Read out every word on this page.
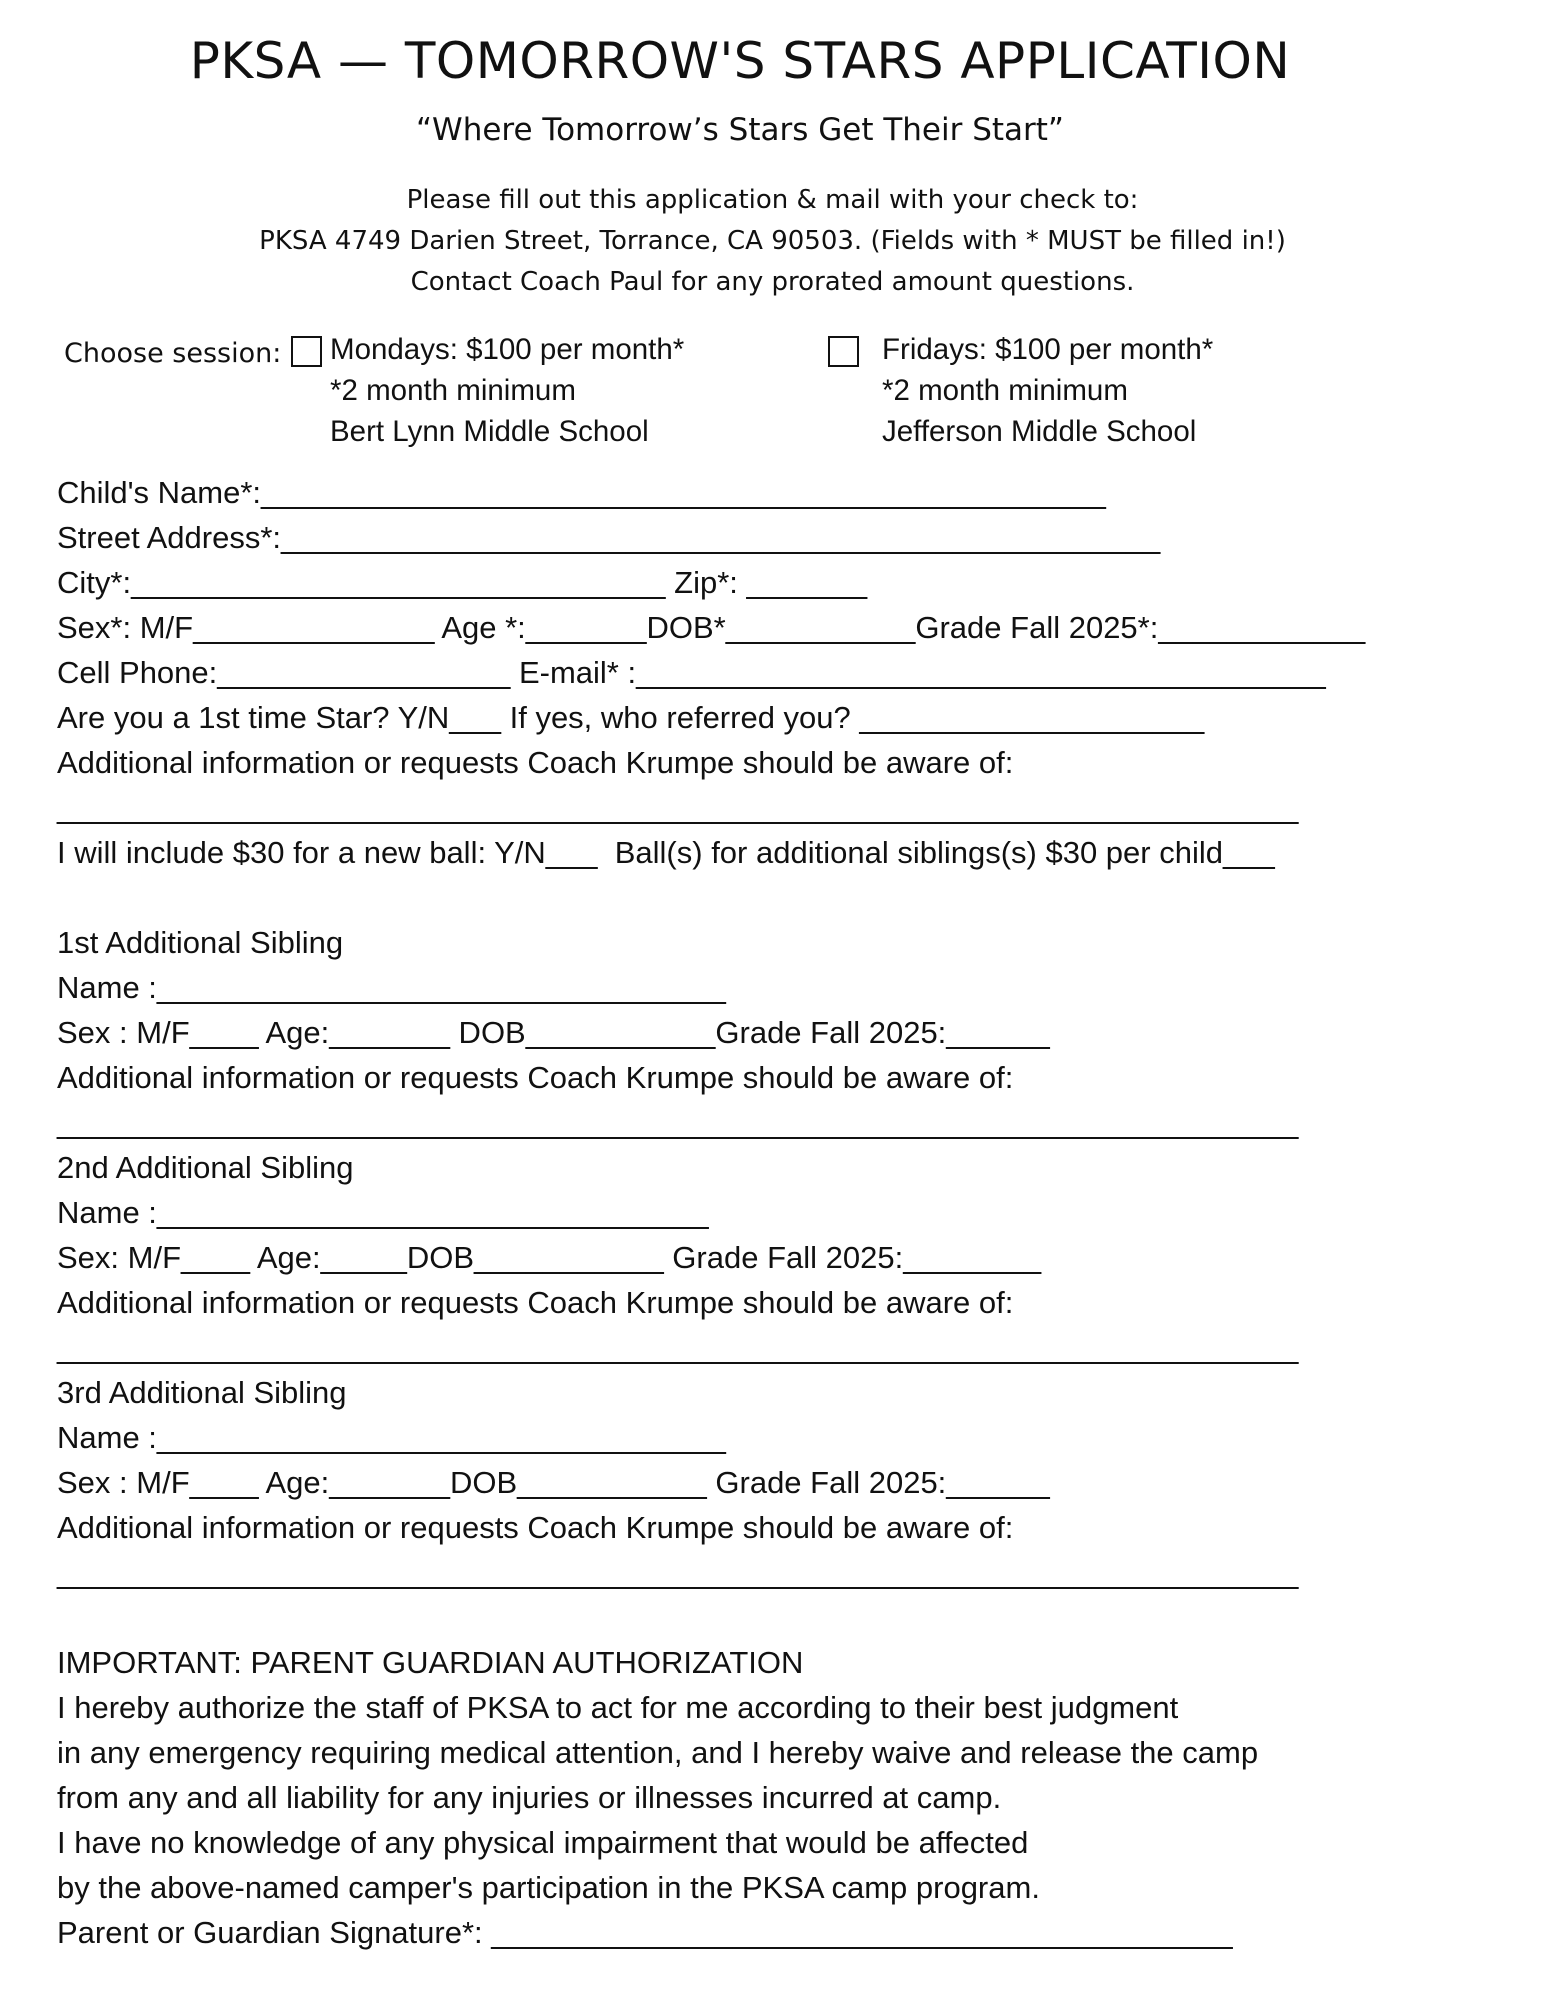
PKSA — TOMORROW'S STARS APPLICATION
“Where Tomorrow’s Stars Get Their Start”
Please fill out this application & mail with your check to:
PKSA 4749 Darien Street, Torrance, CA 90503. (Fields with * MUST be filled in!)
Contact Coach Paul for any prorated amount questions.
Choose session: Mondays: $100 per month*
*2 month minimum
Bert Lynn Middle School
Fridays: $100 per month*
*2 month minimum
Jefferson Middle School
Child's Name*:_________________________________________________
Street Address*:___________________________________________________
City*:_______________________________ Zip*: _______
Sex*: M/F______________ Age *:_______DOB*___________Grade Fall 2025*:____________
Cell Phone:_________________ E-mail* :________________________________________
Are you a 1st time Star? Y/N___ If yes, who referred you? ____________________
Additional information or requests Coach Krumpe should be aware of:
________________________________________________________________________
I will include $30 for a new ball: Y/N___  Ball(s) for additional siblings(s) $30 per child___
1st Additional Sibling
Name :_________________________________
Sex : M/F____ Age:_______ DOB___________Grade Fall 2025:______
Additional information or requests Coach Krumpe should be aware of:
________________________________________________________________________
2nd Additional Sibling
Name :________________________________
Sex: M/F____ Age:_____DOB___________ Grade Fall 2025:________
Additional information or requests Coach Krumpe should be aware of:
________________________________________________________________________
3rd Additional Sibling
Name :_________________________________
Sex : M/F____ Age:_______DOB___________ Grade Fall 2025:______
Additional information or requests Coach Krumpe should be aware of:
________________________________________________________________________
IMPORTANT: PARENT GUARDIAN AUTHORIZATION
I hereby authorize the staff of PKSA to act for me according to their best judgment
in any emergency requiring medical attention, and I hereby waive and release the camp
from any and all liability for any injuries or illnesses incurred at camp.
I have no knowledge of any physical impairment that would be affected
by the above-named camper's participation in the PKSA camp program.
Parent or Guardian Signature*: ___________________________________________
